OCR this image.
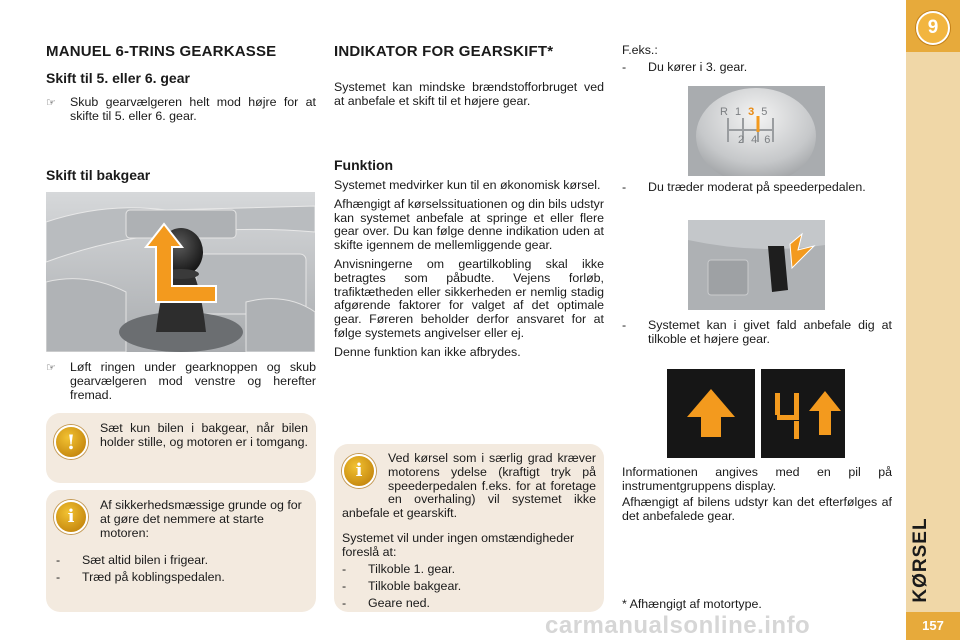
9
KØRSEL
157
MANUEL 6-TRINS GEARKASSE
Skift til 5. eller 6. gear
☞	Skub gearvælgeren helt mod højre for at skifte til 5. eller 6. gear.
Skift til bakgear
☞	Løft ringen under gearknoppen og skub gearvælgeren mod venstre og herefter fremad.
!
Sæt kun bilen i bakgear, når bilen holder stille, og motoren er i tomgang.
i
Af sikkerhedsmæssige grunde og for at gøre det nemmere at starte motoren:
-	Sæt altid bilen i frigear.
-	Træd på koblingspedalen.
INDIKATOR FOR GEARSKIFT*

Systemet kan mindske brændstofforbruget ved at anbefale et skift til et højere gear.

Funktion

Systemet medvirker kun til en økonomisk kørsel.

Afhængigt af kørselssituationen og din bils udstyr kan systemet anbefale at springe et eller flere gear over. Du kan følge denne indikation uden at skifte igennem de mellemliggende gear.

Anvisningerne om geartilkobling skal ikke betragtes som påbudte. Vejens forløb, trafiktætheden eller sikkerheden er nemlig stadig afgørende faktorer for valget af det optimale gear. Føreren beholder derfor ansvaret for at følge systemets angivelser eller ej.

Denne funktion kan ikke afbrydes.

i
Ved kørsel som i særlig grad kræver motorens ydelse (kraftigt tryk på speederpedalen f.eks. for at foretage en overhaling) vil systemet ikke anbefale et gearskift.
Systemet vil under ingen omstændigheder foreslå at:
-	Tilkoble 1. gear.
-	Tilkoble bakgear.
-	Geare ned.
F.eks.:
-	Du kører i 3. gear.
R135
246
-	Du træder moderat på speederpedalen.
-	Systemet kan i givet fald anbefale dig at tilkoble et højere gear.

Informationen angives med en pil på instrumentgruppens display.

Afhængigt af bilens udstyr kan det efterfølges af det anbefalede gear.

* Afhængigt af motortype.
carmanualsonline.info
